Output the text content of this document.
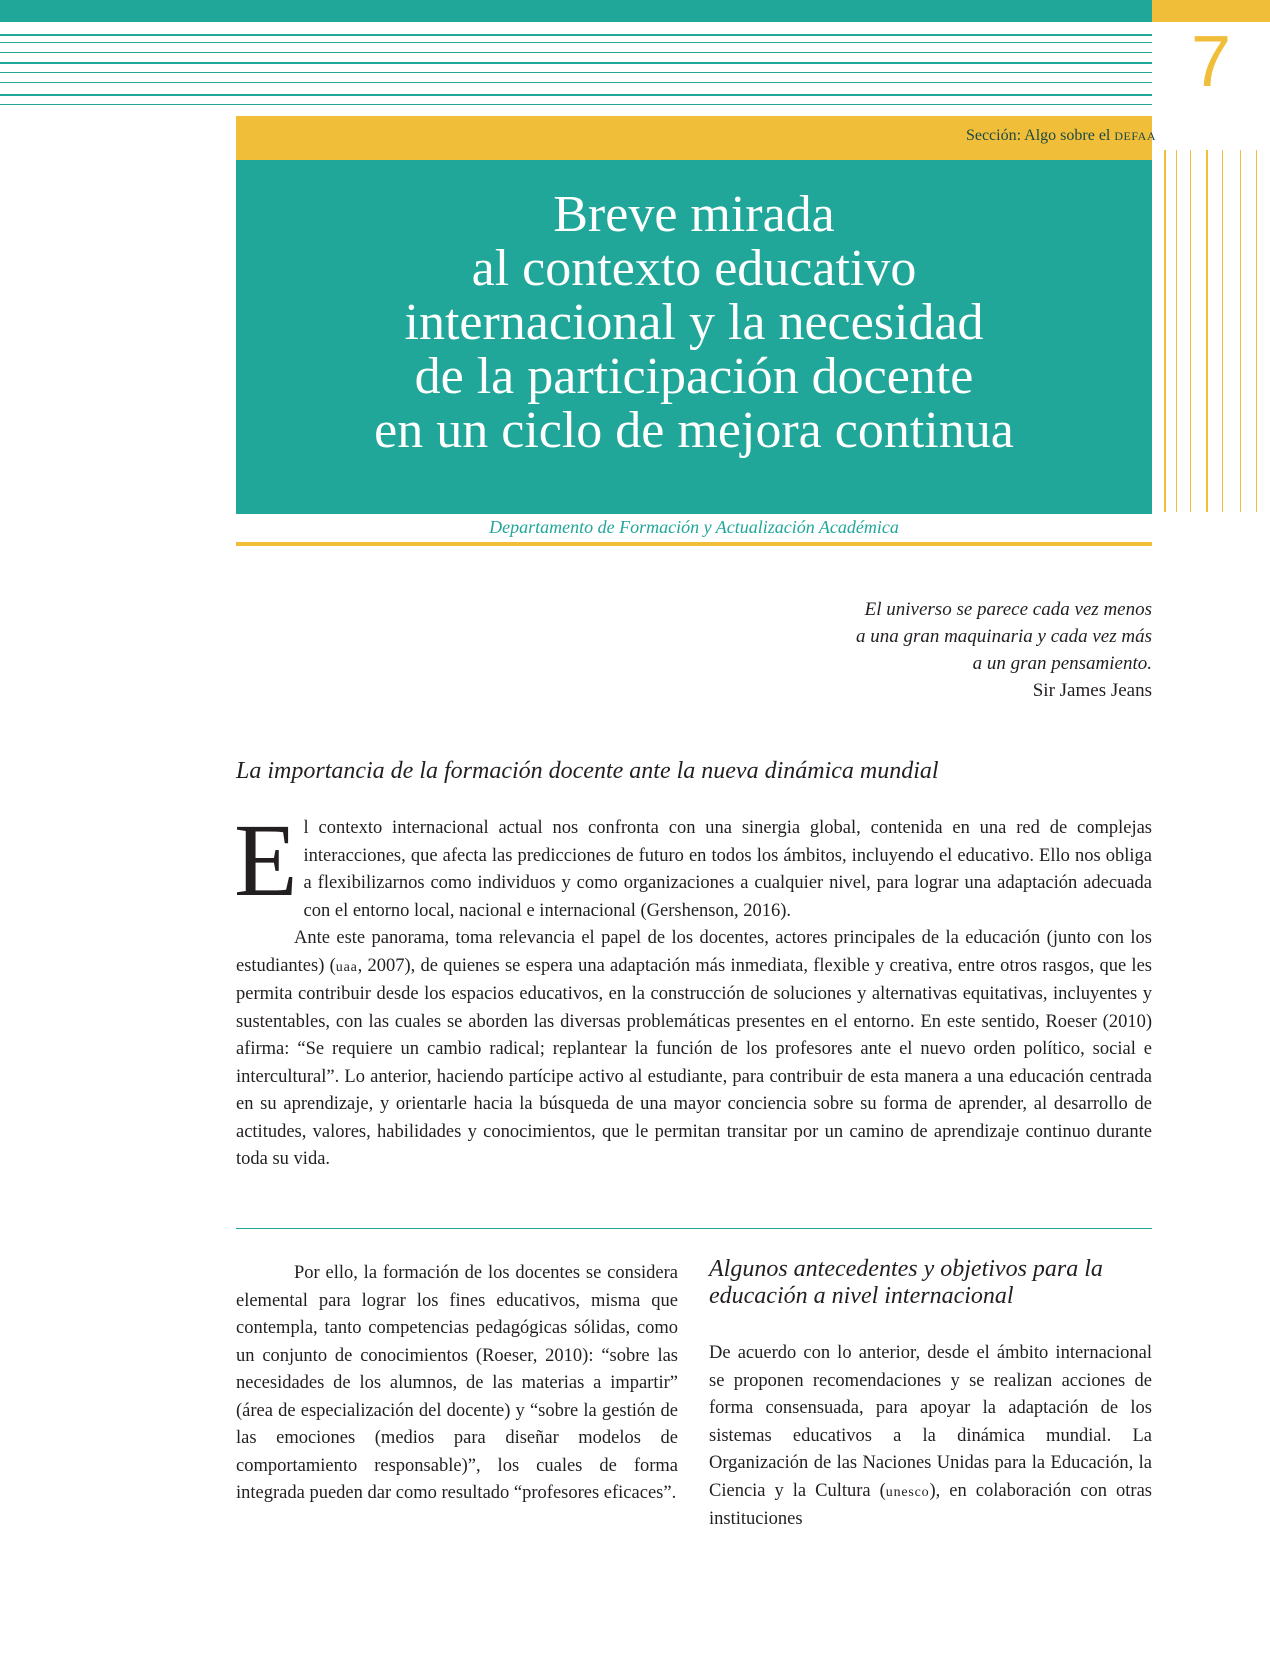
7
Sección: Algo sobre el DEFAA DOCERE
Breve mirada
al contexto educativo
internacional y la necesidad
de la participación docente
en un ciclo de mejora continua
Departamento de Formación y Actualización Académica
El universo se parece cada vez menos
a una gran maquinaria y cada vez más
a un gran pensamiento.
Sir James Jeans
La importancia de la formación docente ante la nueva dinámica mundial

El contexto internacional actual nos confronta con una sinergia global, contenida en una red de complejas interacciones, que afecta las predicciones de futuro en todos los ámbitos, incluyendo el educativo. Ello nos obliga a flexibilizarnos como individuos y como organizaciones a cualquier nivel, para lograr una adaptación adecuada con el entorno local, nacional e internacional (Gershenson, 2016).

Ante este panorama, toma relevancia el papel de los docentes, actores principales de la educación (junto con los estudiantes) (uaa, 2007), de quienes se espera una adaptación más inmediata, flexible y creativa, entre otros rasgos, que les permita contribuir desde los espacios educativos, en la construcción de soluciones y alternativas equitativas, incluyentes y sustentables, con las cuales se aborden las diversas problemáticas presentes en el entorno. En este sentido, Roeser (2010) afirma: “Se requiere un cambio radical; replantear la función de los profesores ante el nuevo orden político, social e intercultural”. Lo anterior, haciendo partícipe activo al estudiante, para contribuir de esta manera a una educación centrada en su aprendizaje, y orientarle hacia la búsqueda de una mayor conciencia sobre su forma de aprender, al desarrollo de actitudes, valores, habilidades y conocimientos, que le permitan transitar por un camino de aprendizaje continuo durante toda su vida.

Por ello, la formación de los docentes se considera elemental para lograr los fines educativos, misma que contempla, tanto competencias pedagógicas sólidas, como un conjunto de conocimientos (Roeser, 2010): “sobre las necesidades de los alumnos, de las materias a impartir” (área de especialización del docente) y “sobre la gestión de las emociones (medios para diseñar modelos de comportamiento responsable)”, los cuales de forma integrada pueden dar como resultado “profesores eficaces”.

Algunos antecedentes y objetivos para la educación a nivel internacional

De acuerdo con lo anterior, desde el ámbito internacional se proponen recomendaciones y se realizan acciones de forma consensuada, para apoyar la adaptación de los sistemas educativos a la dinámica mundial. La Organización de las Naciones Unidas para la Educación, la Ciencia y la Cultura (unesco), en colaboración con otras instituciones
